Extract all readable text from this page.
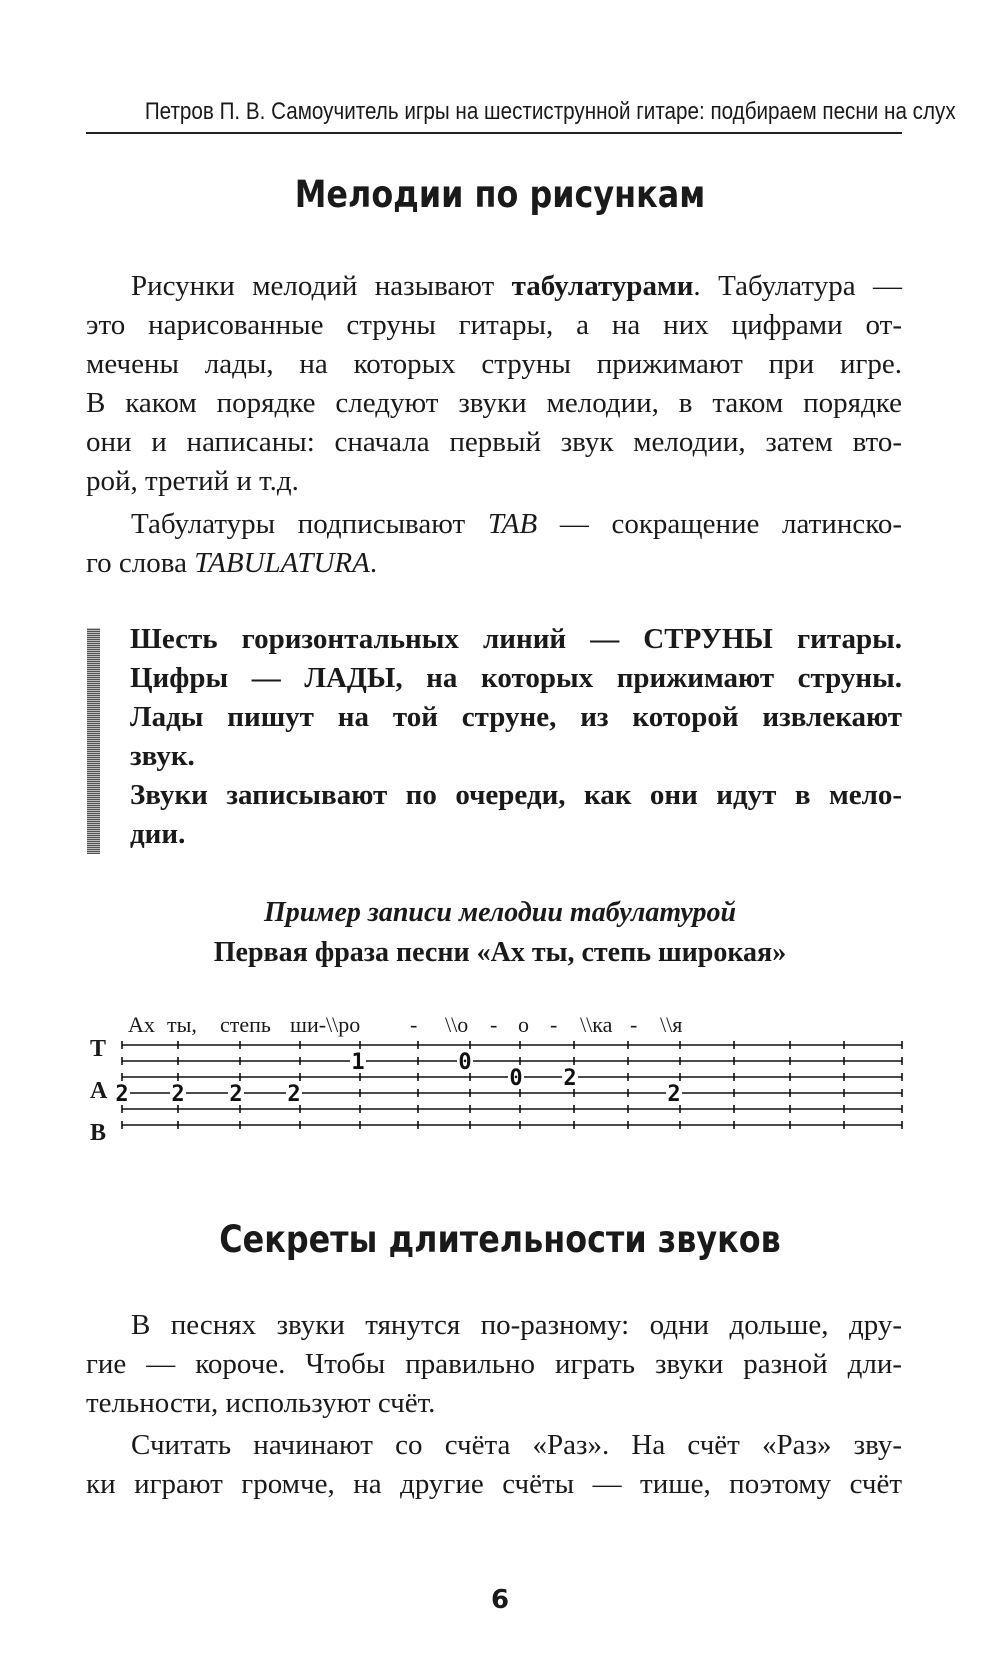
Петров П. В. Самоучитель игры на шестиструнной гитаре: подбираем песни на слух
Мелодии по рисункам
Рисунки мелодий называют табулатурами. Табулатура —
это нарисованные струны гитары, а на них цифрами от-
мечены лады, на которых струны прижимают при игре.
В каком порядке следуют звуки мелодии, в таком порядке
они и написаны: сначала первый звук мелодии, затем вто-
рой, третий и т.д.
Табулатуры подписывают TAB — сокращение латинско-
го слова TABULATURA.
Шесть горизонтальных линий — СТРУНЫ гитары.
Цифры — ЛАДЫ, на которых прижимают струны.
Лады пишут на той струне, из которой извлекают
звук.
Звуки записывают по очереди, как они идут в мело-
дии.
Пример записи мелодии табулатурой
Первая фраза песни «Ах ты, степь широкая»
Ах ты, степь ши-\\ро - \\о - о - \\ка - \\я
T
A
B
2 2 2 2
1	0
0 2
2
Секреты длительности звуков
В песнях звуки тянутся по-разному: одни дольше, дру-
гие — короче. Чтобы правильно играть звуки разной дли-
тельности, используют счёт.
Считать начинают со счёта «Раз». На счёт «Раз» зву-
ки играют громче, на другие счёты — тише, поэтому счёт
6
